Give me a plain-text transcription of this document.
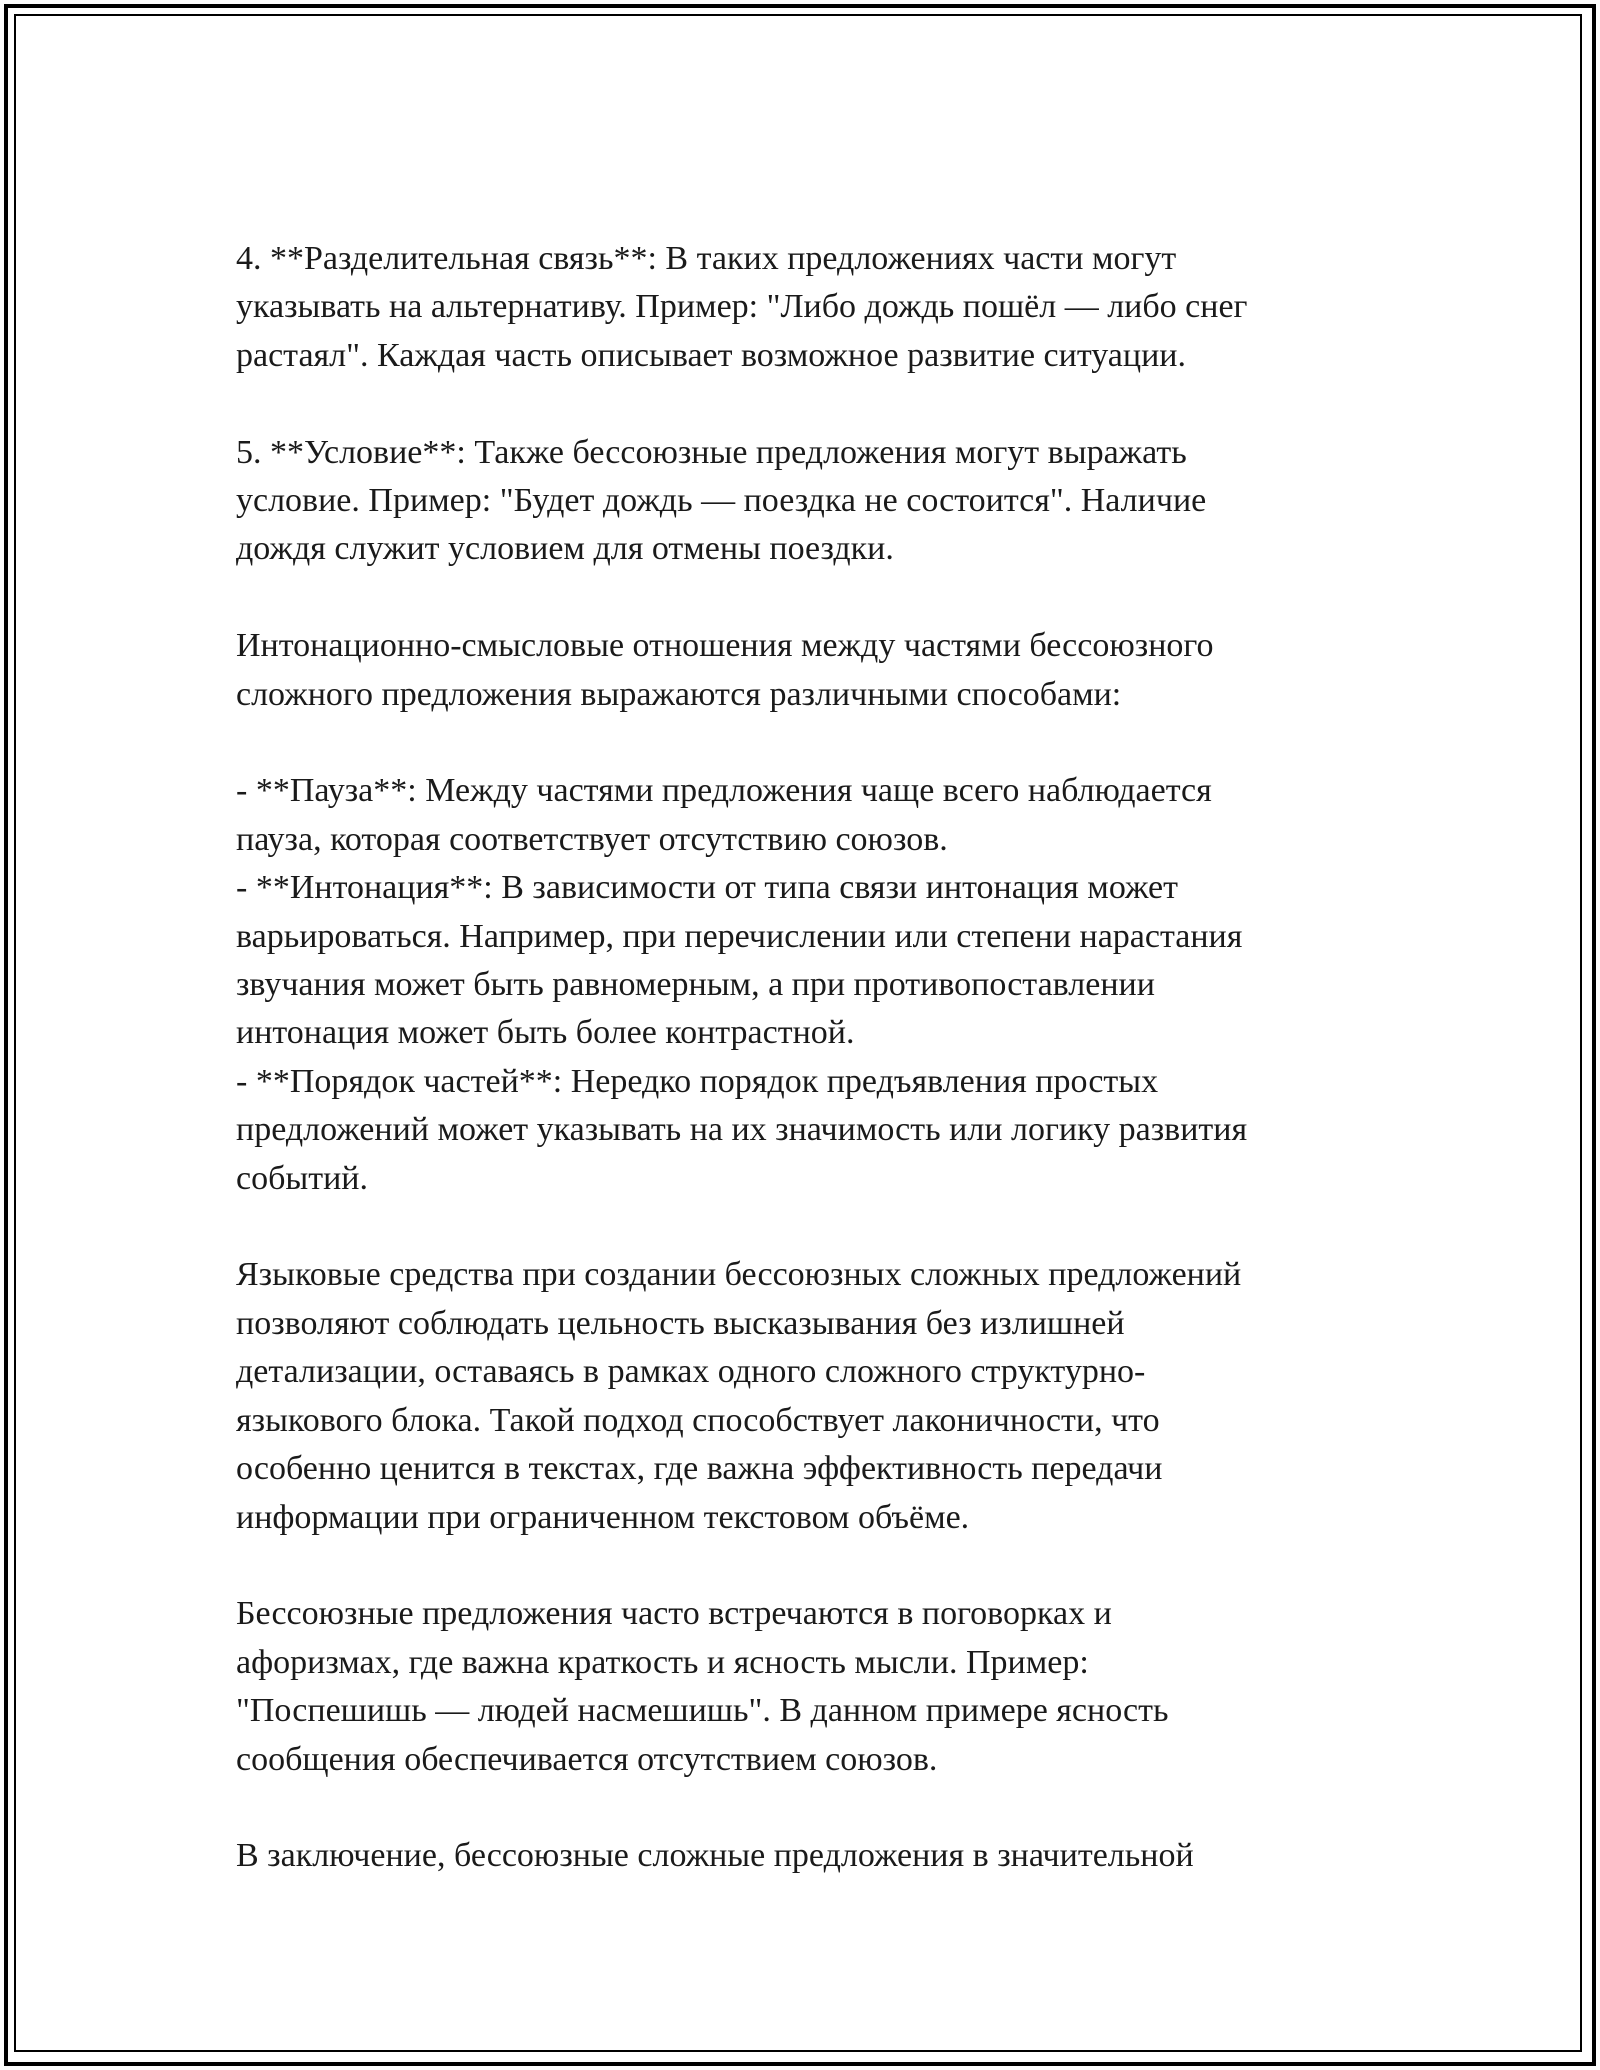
4. **Разделительная связь**: В таких предложениях части могут
указывать на альтернативу. Пример: "Либо дождь пошёл — либо снег
растаял". Каждая часть описывает возможное развитие ситуации.

5. **Условие**: Также бессоюзные предложения могут выражать
условие. Пример: "Будет дождь — поездка не состоится". Наличие
дождя служит условием для отмены поездки.

Интонационно-смысловые отношения между частями бессоюзного
сложного предложения выражаются различными способами:

- **Пауза**: Между частями предложения чаще всего наблюдается
пауза, которая соответствует отсутствию союзов.

- **Интонация**: В зависимости от типа связи интонация может
варьироваться. Например, при перечислении или степени нарастания
звучания может быть равномерным, а при противопоставлении
интонация может быть более контрастной.

- **Порядок частей**: Нередко порядок предъявления простых
предложений может указывать на их значимость или логику развития
событий.

Языковые средства при создании бессоюзных сложных предложений
позволяют соблюдать цельность высказывания без излишней
детализации, оставаясь в рамках одного сложного структурно-
языкового блока. Такой подход способствует лаконичности, что
особенно ценится в текстах, где важна эффективность передачи
информации при ограниченном текстовом объёме.

Бессоюзные предложения часто встречаются в поговорках и
афоризмах, где важна краткость и ясность мысли. Пример:
"Поспешишь — людей насмешишь". В данном примере ясность
сообщения обеспечивается отсутствием союзов.

В заключение, бессоюзные сложные предложения в значительной
